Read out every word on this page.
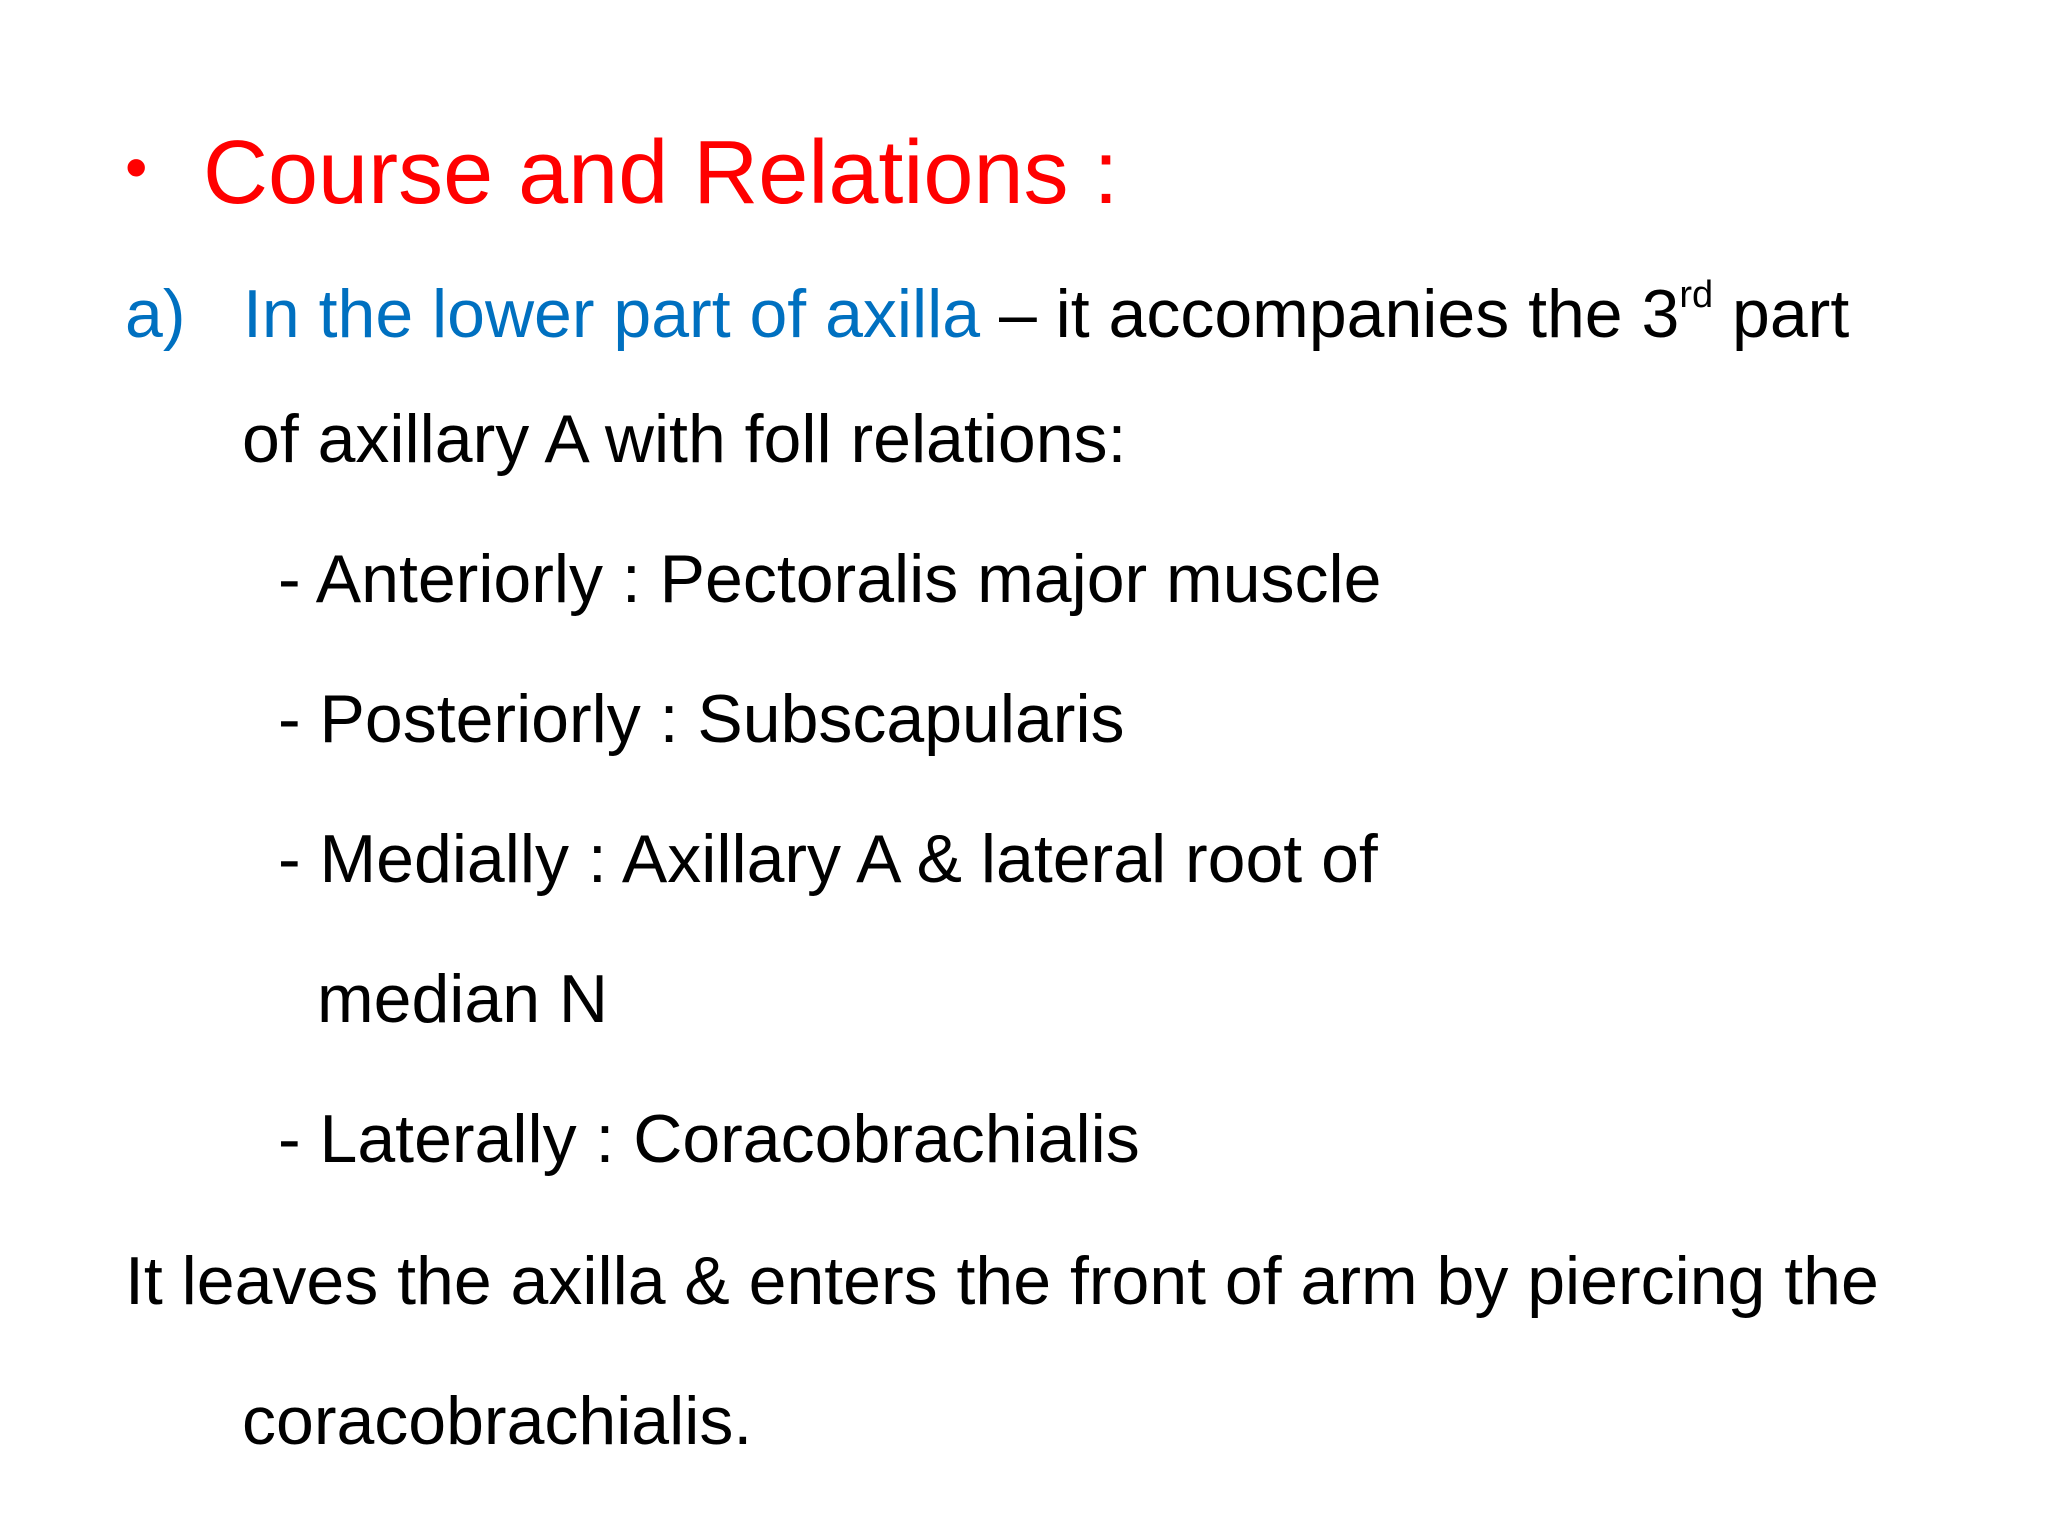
• Course and Relations :
a) In the lower part of axilla – it accompanies the 3rd part
of axillary A with foll relations:
- Anteriorly : Pectoralis major muscle
- Posteriorly : Subscapularis
- Medially : Axillary A & lateral root of
median N
- Laterally : Coracobrachialis
It leaves the axilla & enters the front of arm by piercing the
coracobrachialis.
